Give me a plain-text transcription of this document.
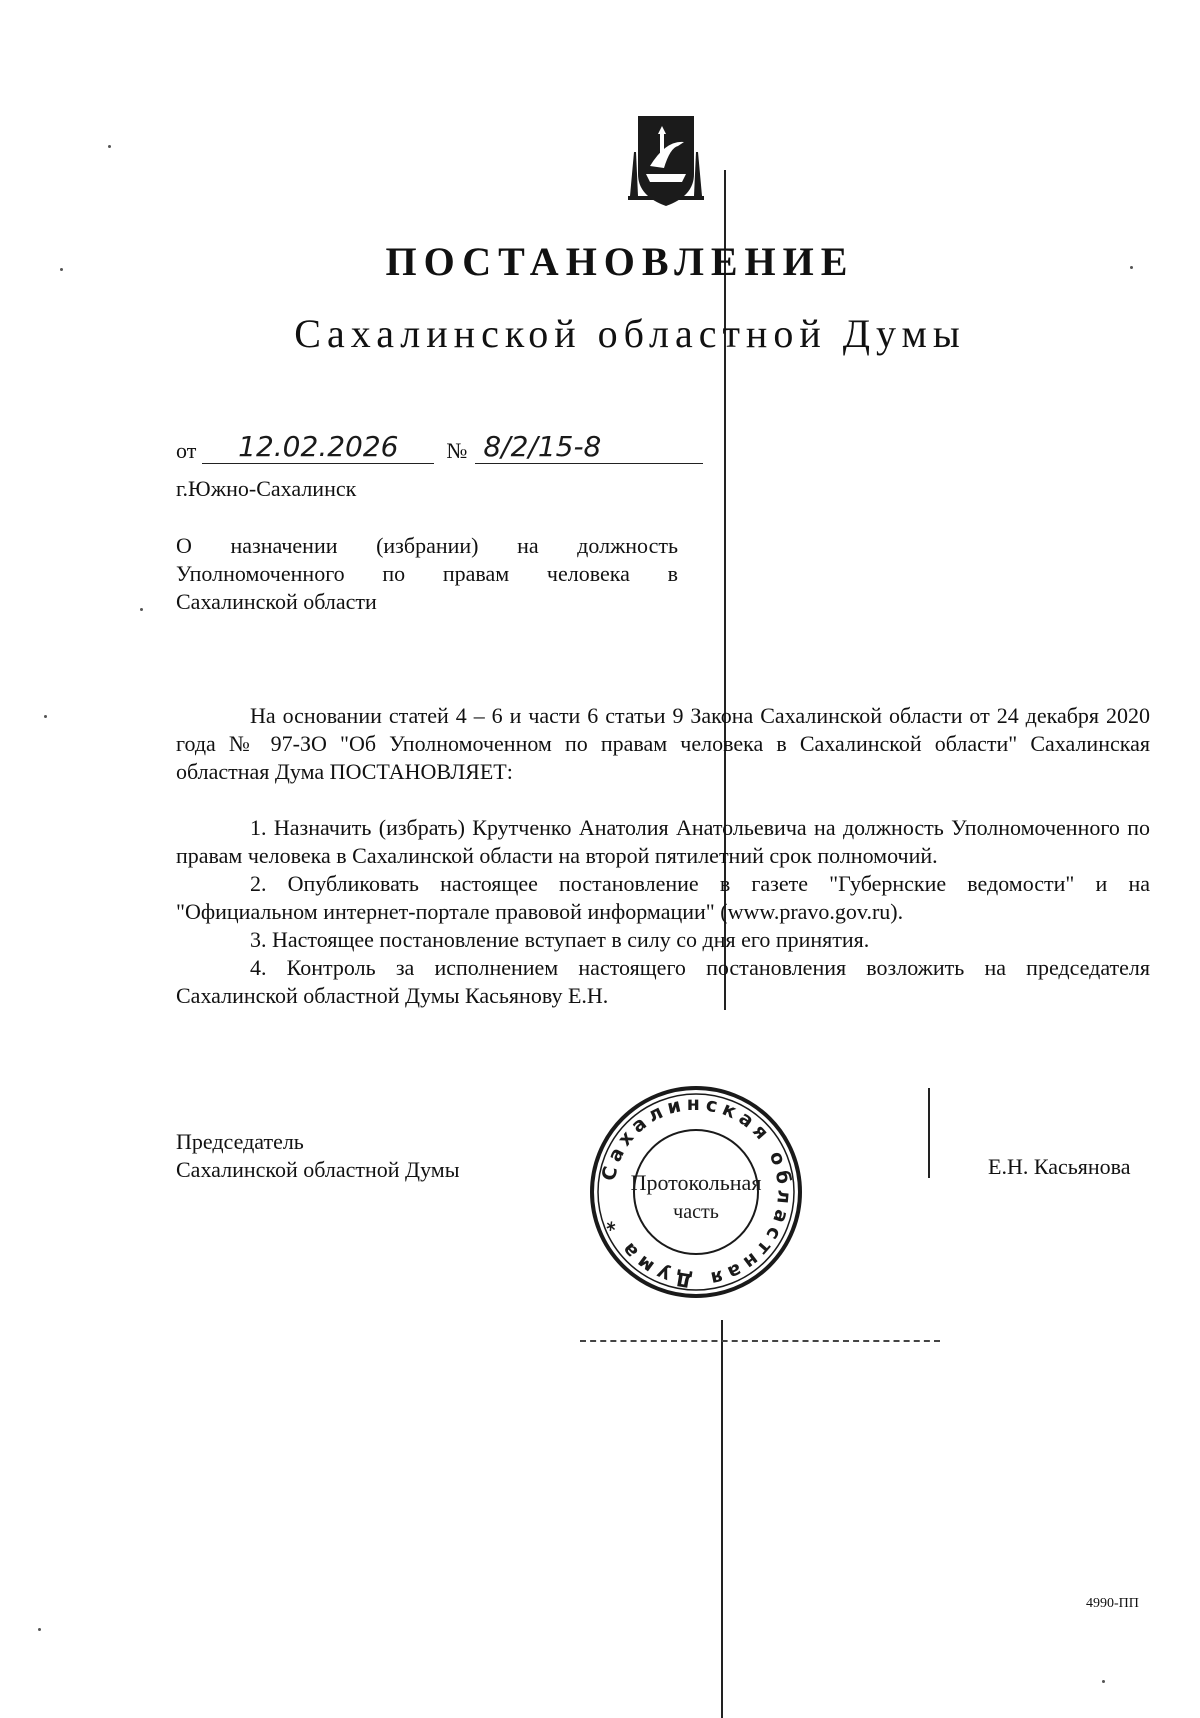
ПОСТАНОВЛЕНИЕ
Сахалинской областной Думы
от	12.02.2026	№ 8/2/15-8
г.Южно-Сахалинск
О назначении (избрании) на должность
Уполномоченного по правам человека в
Сахалинской области

На основании статей 4 – 6 и части 6 статьи 9 Закона Сахалинской области от 24 декабря 2020 года № 97-ЗО "Об Уполномоченном по правам человека в Сахалинской области" Сахалинская областная Дума ПОСТАНОВЛЯЕТ:

1. Назначить (избрать) Крутченко Анатолия Анатольевича на должность Уполномоченного по правам человека в Сахалинской области на второй пятилетний срок полномочий.

2. Опубликовать настоящее постановление в газете "Губернские ведомости" и на "Официальном интернет-портале правовой информации" (www.pravo.gov.ru).

3. Настоящее постановление вступает в силу со дня его принятия.

4. Контроль за исполнением настоящего постановления возложить на председателя Сахалинской областной Думы Касьянову Е.Н.

Председатель
Сахалинской областной Думы	Е.Н. Касьянова
Сахалинская областная Дума *
Протокольная
часть
4990-ПП
